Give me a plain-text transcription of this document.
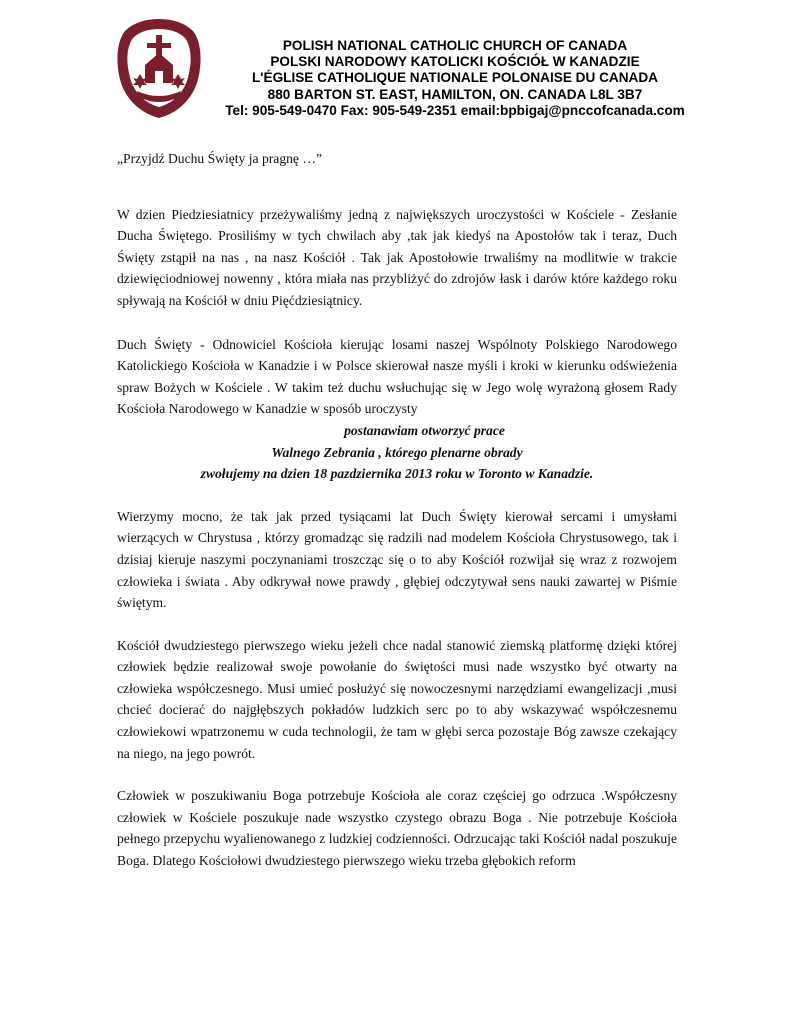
POLISH NATIONAL CATHOLIC CHURCH OF CANADA
POLSKI NARODOWY KATOLICKI KOŚCIÓŁ W KANADZIE
L'ÉGLISE CATHOLIQUE NATIONALE POLONAISE DU CANADA
880 BARTON ST. EAST, HAMILTON, ON. CANADA L8L 3B7
Tel: 905-549-0470 Fax: 905-549-2351 email:bpbigaj@pnccofcanada.com

„Przyjdź Duchu Święty ja pragnę …”

W dzien Piedziesiatnicy przeżywaliśmy jedną z największych uroczystości w Kościele - Zesłanie Ducha Świętego. Prosiliśmy w tych chwilach aby ,tak jak kiedyś na Apostołów tak i teraz, Duch Święty zstąpił na nas , na nasz Kościół . Tak jak Apostołowie trwaliśmy na modlitwie w trakcie dziewięciodniowej nowenny , która miała nas przybliżyć do zdrojów łask i darów które każdego roku spływają na Kościół w dniu Pięćdziesiątnicy.

Duch Święty - Odnowiciel Kościoła kierując losami naszej Wspólnoty Polskiego Narodowego Katolickiego Kościoła w Kanadzie i w Polsce skierował nasze myśli i kroki w kierunku odświeżenia spraw Bożych w Kościele . W takim też duchu wsłuchując się w Jego wolę wyrażoną głosem Rady Kościoła Narodowego w Kanadzie w sposób uroczysty

postanawiam otworzyć prace
Walnego Zebrania , którego plenarne obrady
zwołujemy na dzien 18 pazdziernika 2013 roku w Toronto w Kanadzie.

Wierzymy mocno, że tak jak przed tysiącami lat Duch Święty kierował sercami i umysłami wierzących w Chrystusa , którzy gromadząc się radzili nad modelem Kościoła Chrystusowego, tak i dzisiaj kieruje naszymi poczynaniami troszcząc się o to aby Kościół rozwijał się wraz z rozwojem człowieka i świata . Aby odkrywał nowe prawdy , głębiej odczytywał sens nauki zawartej w Piśmie świętym.

Kościół dwudziestego pierwszego wieku jeżeli chce nadal stanowić ziemską platformę dzięki której człowiek będzie realizował swoje powołanie do świętości musi nade wszystko być otwarty na człowieka współczesnego. Musi umieć posłużyć się nowoczesnymi narzędziami ewangelizacji ,musi chcieć docierać do najgłębszych pokładów ludzkich serc po to aby wskazywać współczesnemu człowiekowi wpatrzonemu w cuda technologii, że tam w głębi serca pozostaje Bóg zawsze czekający na niego, na jego powrót.

Człowiek w poszukiwaniu Boga potrzebuje Kościoła ale coraz częściej go odrzuca .Współczesny człowiek w Kościele poszukuje nade wszystko czystego obrazu Boga . Nie potrzebuje Kościoła pełnego przepychu wyalienowanego z ludzkiej codzienności. Odrzucając taki Kościół nadal poszukuje Boga. Dlatego Kościołowi dwudziestego pierwszego wieku trzeba głębokich reform
